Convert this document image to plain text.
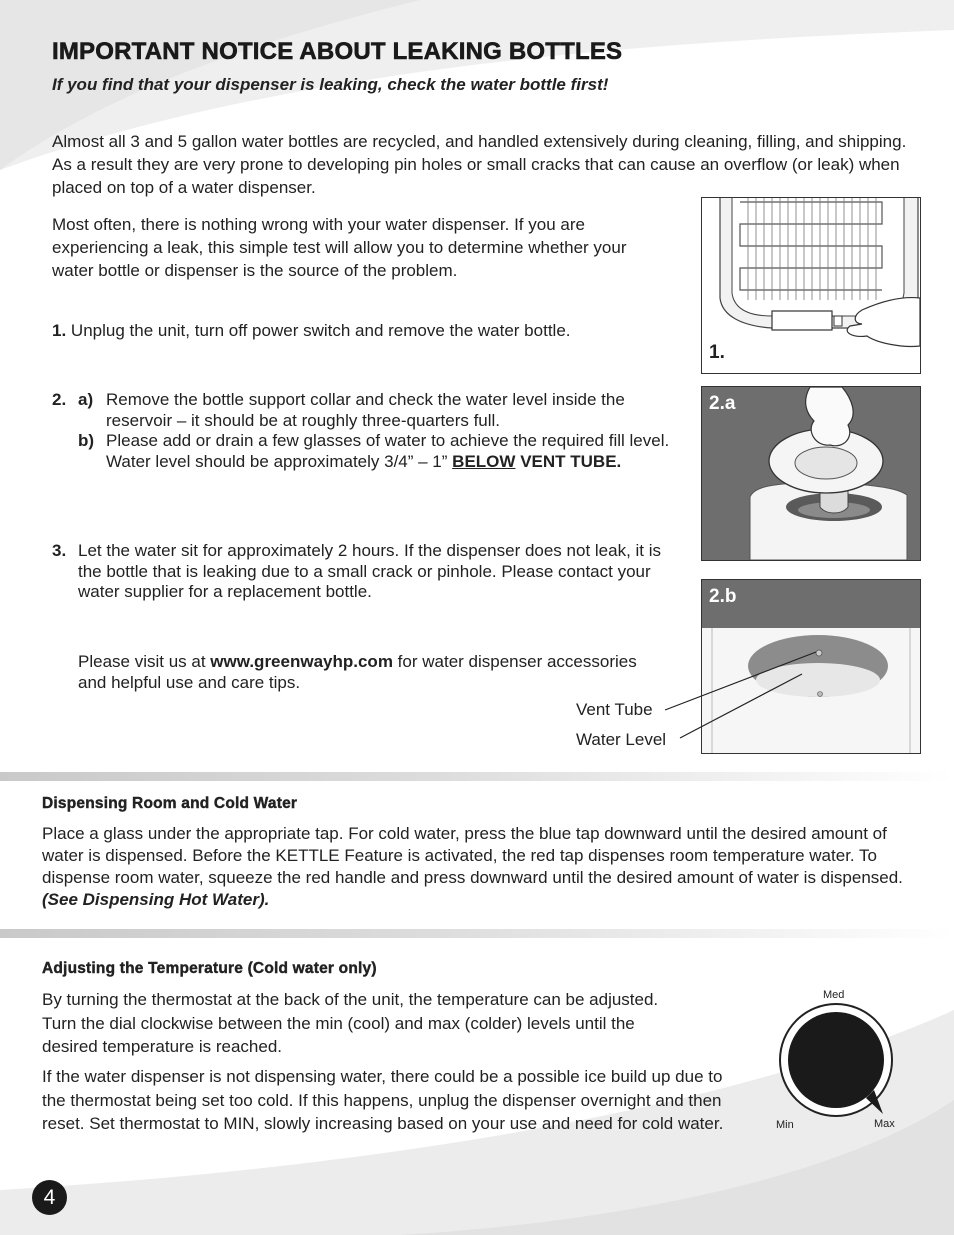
IMPORTANT NOTICE ABOUT LEAKING BOTTLES
If you find that your dispenser is leaking, check the water bottle first!
Almost all 3 and 5 gallon water bottles are recycled, and handled extensively during cleaning, filling, and shipping. As a result they are very prone to developing pin holes or small cracks that can cause an overflow (or leak) when placed on top of a water dispenser.
Most often, there is nothing wrong with your water dispenser. If you are experiencing a leak, this simple test will allow you to determine whether your water bottle or dispenser is the source of the problem.
1. Unplug the unit, turn off power switch and remove the water bottle.
2. a) Remove the bottle support collar and check the water level inside the reservoir – it should be at roughly three-quarters full.
b) Please add or drain a few glasses of water to achieve the required fill level. Water level should be approximately 3/4” – 1” BELOW VENT TUBE.
3. Let the water sit for approximately 2 hours. If the dispenser does not leak, it is the bottle that is leaking due to a small crack or pinhole. Please contact your water supplier for a replacement bottle.
Please visit us at www.greenwayhp.com for water dispenser accessories and helpful use and care tips.
1.
2.a
2.b
Vent Tube
Water Level
Dispensing Room and Cold Water
Place a glass under the appropriate tap. For cold water, press the blue tap downward until the desired amount of water is dispensed. Before the KETTLE Feature is activated, the red tap dispenses room temperature water. To dispense room water, squeeze the red handle and press downward until the desired amount of water is dispensed. (See Dispensing Hot Water).
Adjusting the Temperature (Cold water only)
By turning the thermostat at the back of the unit, the temperature can be adjusted. Turn the dial clockwise between the min (cool) and max (colder) levels until the desired temperature is reached.
If the water dispenser is not dispensing water, there could be a possible ice build up due to the thermostat being set too cold. If this happens, unplug the dispenser overnight and then reset. Set thermostat to MIN, slowly increasing based on your use and need for cold water.
Med
Min	Max
4
